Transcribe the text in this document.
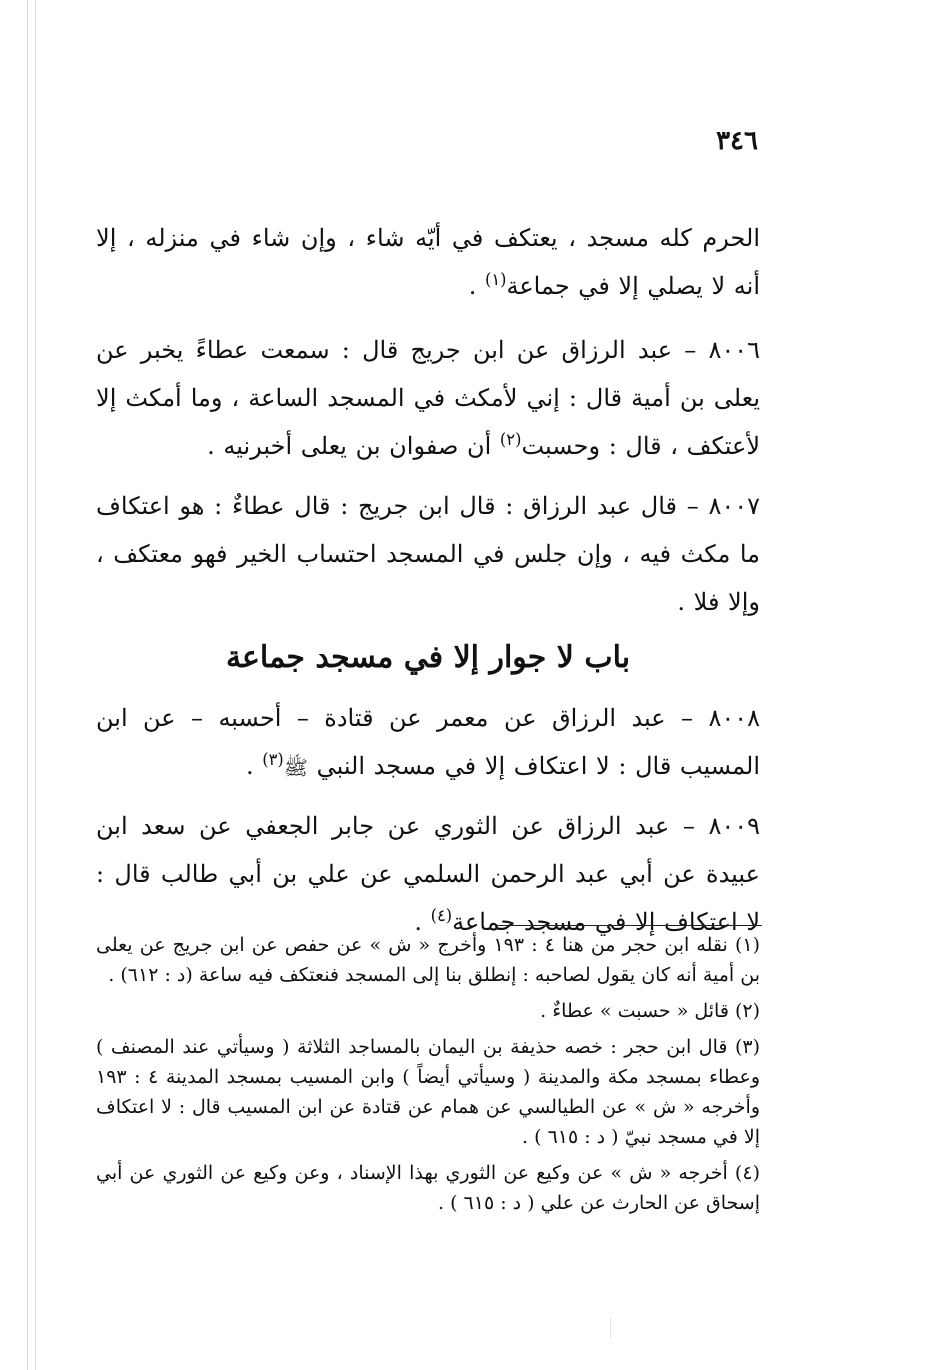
٣٤٦

الحرم كله مسجد ، يعتكف في أيّه شاء ، وإن شاء في منزله ، إلا أنه لا يصلي إلا في جماعة$^{(١)}$ .

٨٠٠٦ – عبد الرزاق عن ابن جريج قال : سمعت عطاءً يخبر عن يعلى بن أمية قال : إني لأمكث في المسجد الساعة ، وما أمكث إلا لأعتكف ، قال : وحسبت$^{(٢)}$ أن صفوان بن يعلى أخبرنيه .

٨٠٠٧ – قال عبد الرزاق : قال ابن جريج : قال عطاءٌ : هو اعتكاف ما مكث فيه ، وإن جلس في المسجد احتساب الخير فهو معتكف ، وإلا فلا .

باب لا جوار إلا في مسجد جماعة

٨٠٠٨ – عبد الرزاق عن معمر عن قتادة – أحسبه – عن ابن المسيب قال : لا اعتكاف إلا في مسجد النبي ﷺ$^{(٣)}$ .

٨٠٠٩ – عبد الرزاق عن الثوري عن جابر الجعفي عن سعد ابن عبيدة عن أبي عبد الرحمن السلمي عن علي بن أبي طالب قال : لا اعتكاف إلا في مسجد جماعة$^{(٤)}$ .

(١) نقله ابن حجر من هنا ٤ : ١٩٣ وأخرج « ش » عن حفص عن ابن جريج عن يعلى بن أمية أنه كان يقول لصاحبه : إنطلق بنا إلى المسجد فنعتكف فيه ساعة (د : ٦١٢) .

(٢) قائل « حسبت » عطاءٌ .

(٣) قال ابن حجر : خصه حذيفة بن اليمان بالمساجد الثلاثة ( وسيأتي عند المصنف ) وعطاء بمسجد مكة والمدينة ( وسيأتي أيضاً ) وابن المسيب بمسجد المدينة ٤ : ١٩٣ وأخرجه « ش » عن الطيالسي عن همام عن قتادة عن ابن المسيب قال : لا اعتكاف إلا في مسجد نبيّ ( د : ٦١٥ ) .

(٤) أخرجه « ش » عن وكيع عن الثوري بهذا الإسناد ، وعن وكيع عن الثوري عن أبي إسحاق عن الحارث عن علي ( د : ٦١٥ ) .
